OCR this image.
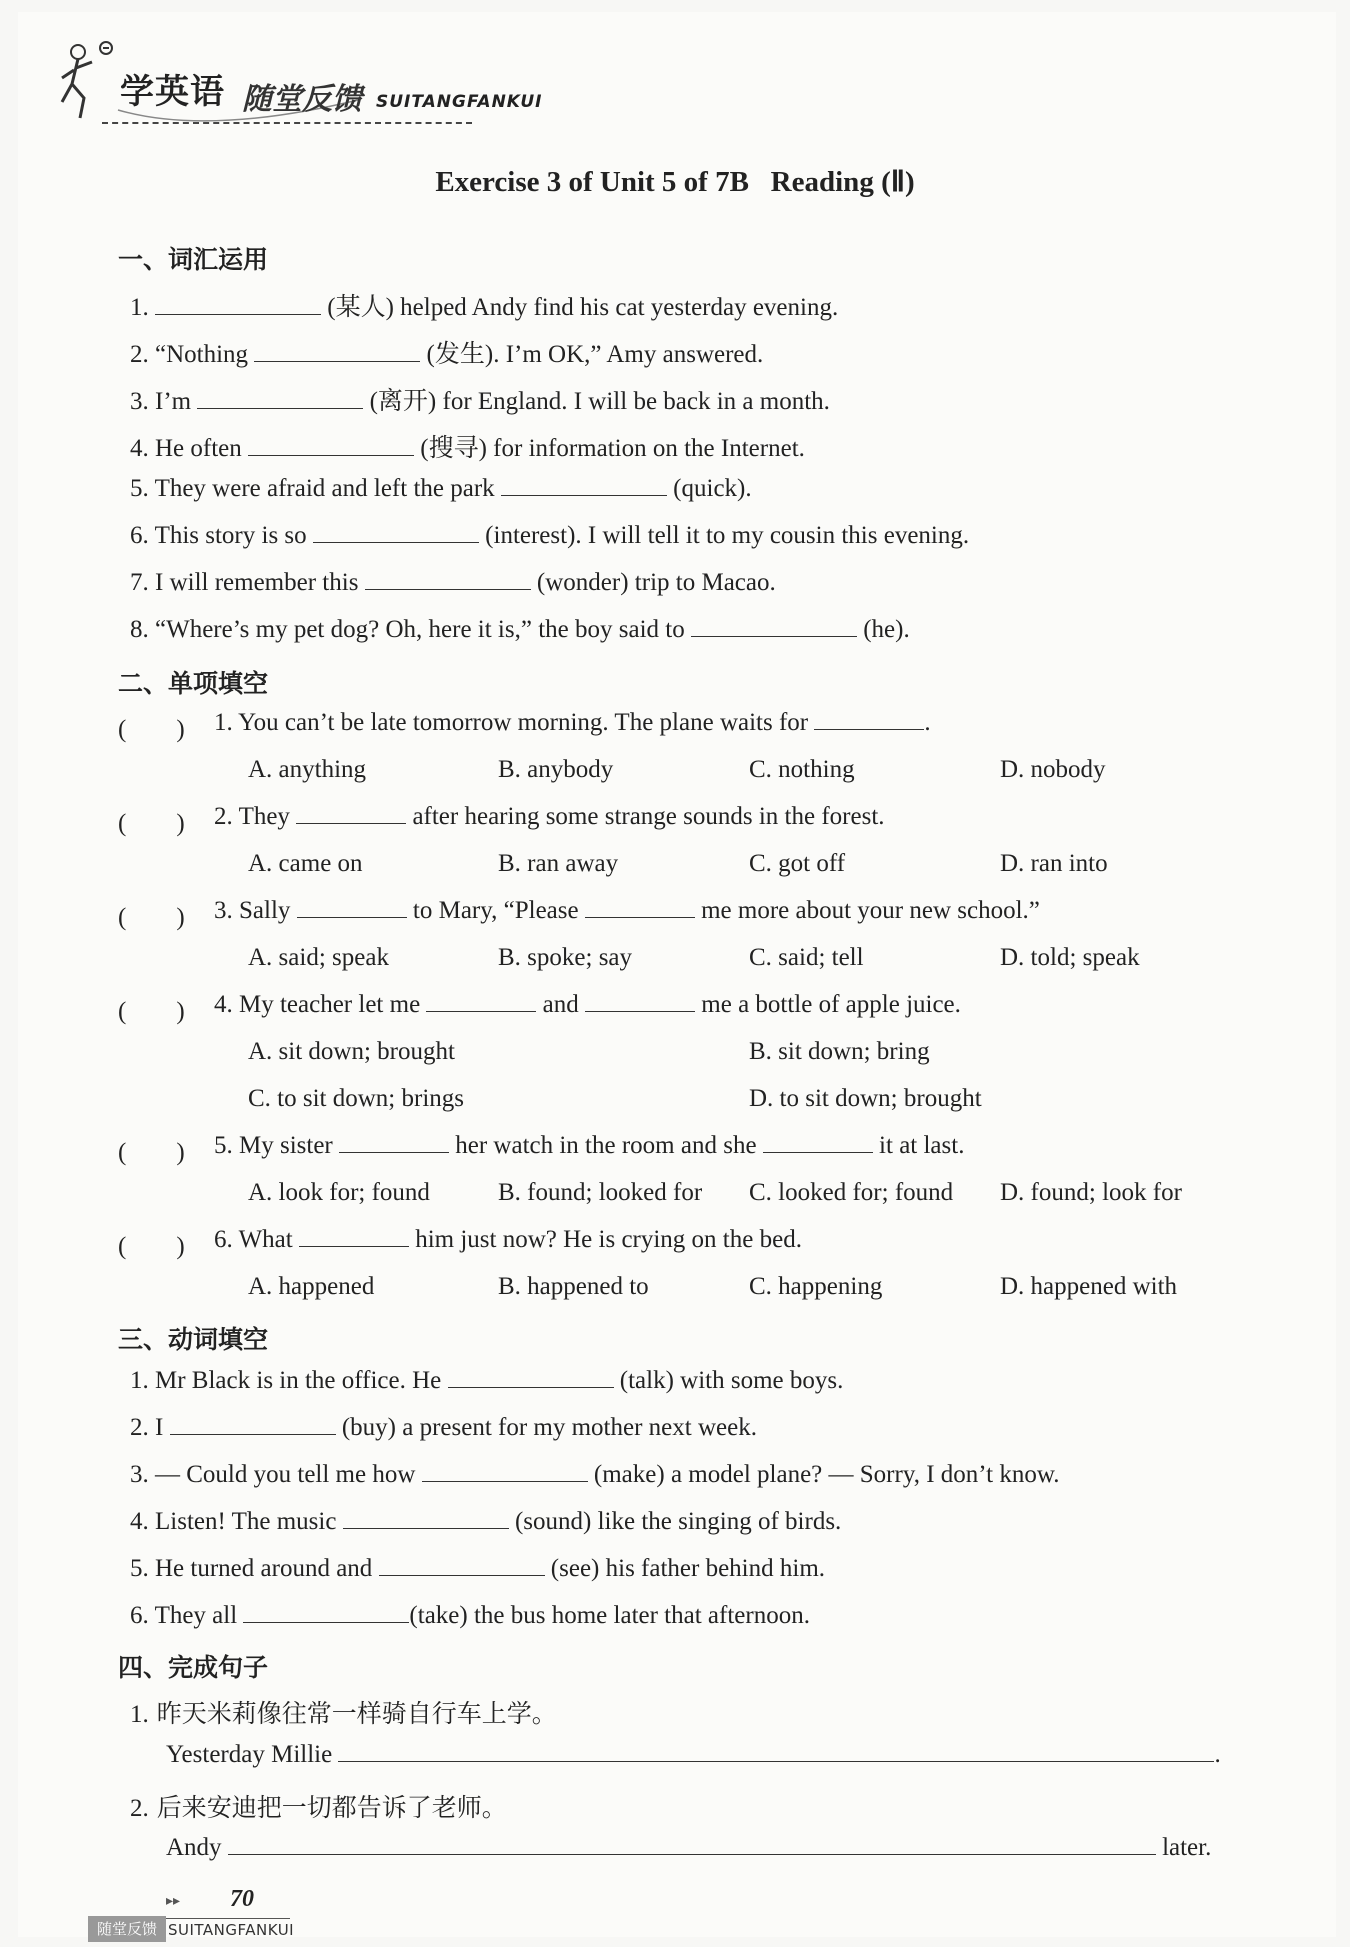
学英语 随堂反馈 SUITANGFANKUI
Exercise 3 of Unit 5 of 7B   Reading (Ⅱ)
一、词汇运用
1.	(某人) helped Andy find his cat yesterday evening.
2. “Nothing	(发生). I’m OK,” Amy answered.
3. I’m	(离开) for England. I will be back in a month.
4. He often	(搜寻) for information on the Internet.
5. They were afraid and left the park	(quick).
6. This story is so	(interest). I will tell it to my cousin this evening.
7. I will remember this	(wonder) trip to Macao.
8. “Where’s my pet dog? Oh, here it is,” the boy said to	(he).
二、单项填空
(　　) 1. You can’t be late tomorrow morning. The plane waits for	.
A. anything	B. anybody	C. nothing	D. nobody
(　　) 2. They	after hearing some strange sounds in the forest.
A. came on	B. ran away	C. got off	D. ran into
(　　) 3. Sally	to Mary, “Please	me more about your new school.”
A. said; speak	B. spoke; say	C. said; tell	D. told; speak
(　　) 4. My teacher let me	and	me a bottle of apple juice.
A. sit down; brought	B. sit down; bring
C. to sit down; brings	D. to sit down; brought
(　　) 5. My sister	her watch in the room and she	it at last.
A. look for; found	B. found; looked for C. looked for; found D. found; look for
(　　) 6. What	him just now? He is crying on the bed.
A. happened	B. happened to	C. happening	D. happened with
三、动词填空
1. Mr Black is in the office. He	(talk) with some boys.
2. I	(buy) a present for my mother next week.
3. — Could you tell me how	(make) a model plane? — Sorry, I don’t know.
4. Listen! The music	(sound) like the singing of birds.
5. He turned around and	(see) his father behind him.
6. They all	(take) the bus home later that afternoon.
四、完成句子
1. 昨天米莉像往常一样骑自行车上学。
Yesterday Millie	.
2. 后来安迪把一切都告诉了老师。
Andy	later.
▸▸ 70
随堂反馈 SUITANGFANKUI
